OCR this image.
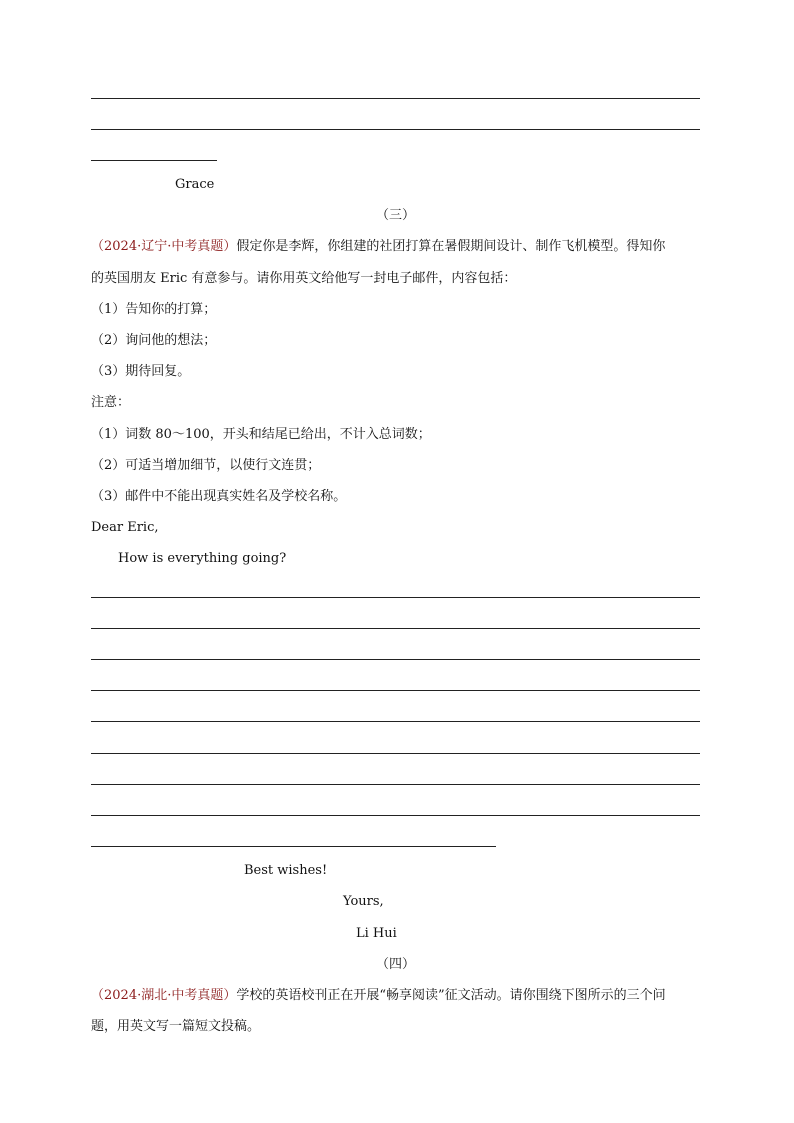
Grace
（三）
（2024·辽宁·中考真题）假定你是李辉，你组建的社团打算在暑假期间设计、制作飞机模型。得知你
的英国朋友 Eric 有意参与。请你用英文给他写一封电子邮件，内容包括：
（1）告知你的打算；
（2）询问他的想法；
（3）期待回复。
注意：
（1）词数 80～100，开头和结尾已给出，不计入总词数；
（2）可适当增加细节，以使行文连贯；
（3）邮件中不能出现真实姓名及学校名称。
Dear Eric,
How is everything going?
Best wishes!
Yours,
Li Hui
（四）
（2024·湖北·中考真题）学校的英语校刊正在开展“畅享阅读”征文活动。请你围绕下图所示的三个问
题，用英文写一篇短文投稿。
